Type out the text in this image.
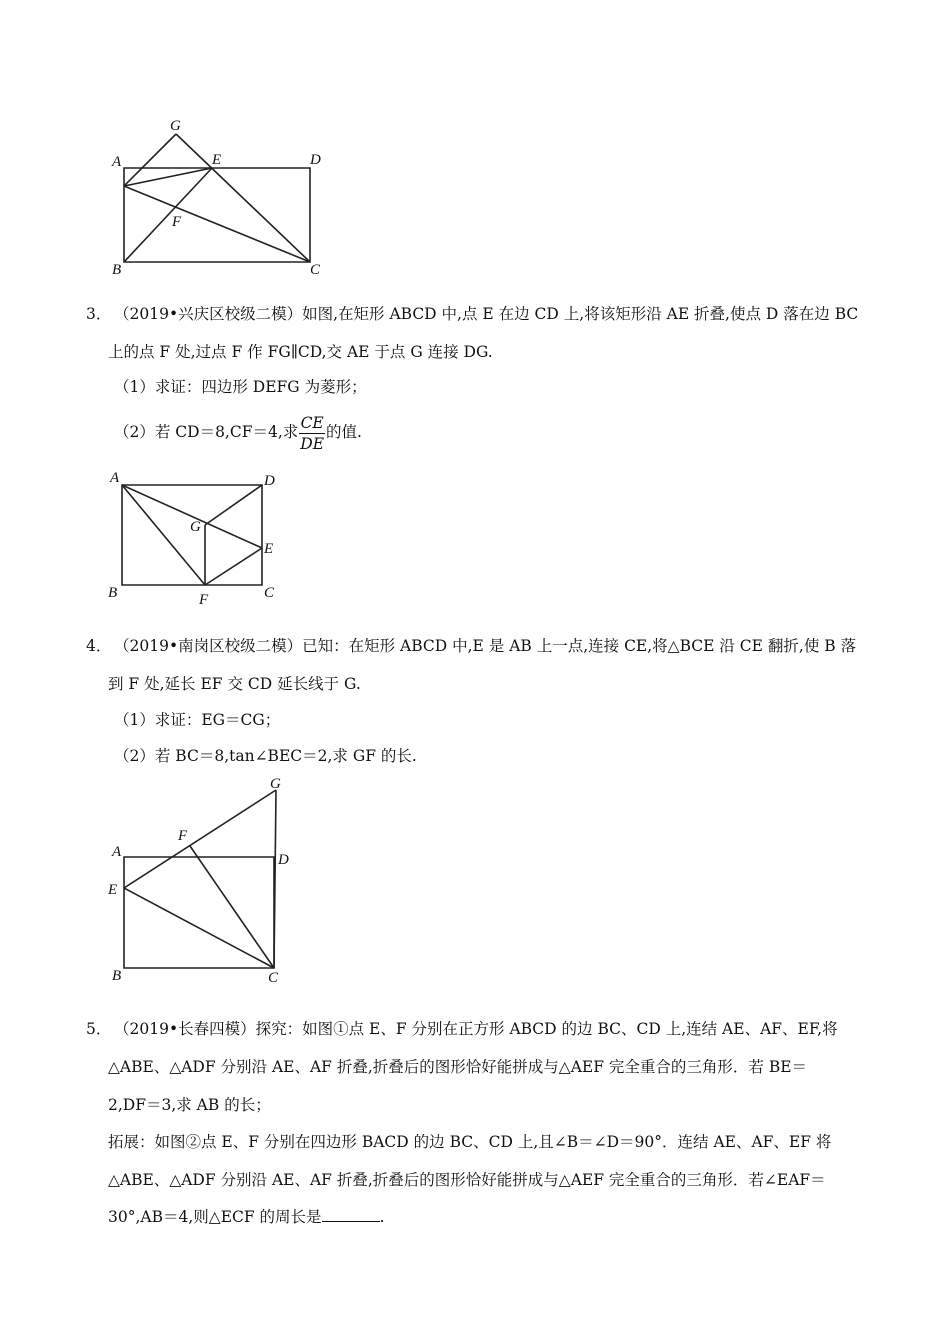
G
A	E	D
F
B	C
3． （2019•兴庆区校级二模）如图,在矩形 ABCD 中,点 E 在边 CD 上,将该矩形沿 AE 折叠,使点 D 落在边 BC
上的点 F 处,过点 F 作 FG∥CD,交 AE 于点 G 连接 DG.
（1）求证：四边形 DEFG 为菱形；
（2）若 CD＝8,CF＝4,求 $\frac{CE}{DE}$ 的值.
A	D
G
E
B	F	C
4． （2019•南岗区校级二模）已知：在矩形 ABCD 中,E 是 AB 上一点,连接 CE,将△BCE 沿 CE 翻折,使 B 落
到 F 处,延长 EF 交 CD 延长线于 G.
（1）求证：EG＝CG；
（2）若 BC＝8,tan∠BEC＝2,求 GF 的长.
G
F
A	D
E
B	C
5． （2019•长春四模）探究：如图①点 E、F 分别在正方形 ABCD 的边 BC、CD 上,连结 AE、AF、EF,将
△ABE、△ADF 分别沿 AE、AF 折叠,折叠后的图形恰好能拼成与△AEF 完全重合的三角形．若 BE＝
2,DF＝3,求 AB 的长；
拓展：如图②点 E、F 分别在四边形 BACD 的边 BC、CD 上,且∠B＝∠D＝90°．连结 AE、AF、EF 将
△ABE、△ADF 分别沿 AE、AF 折叠,折叠后的图形恰好能拼成与△AEF 完全重合的三角形．若∠EAF＝
30°,AB＝4,则△ECF 的周长是	.
